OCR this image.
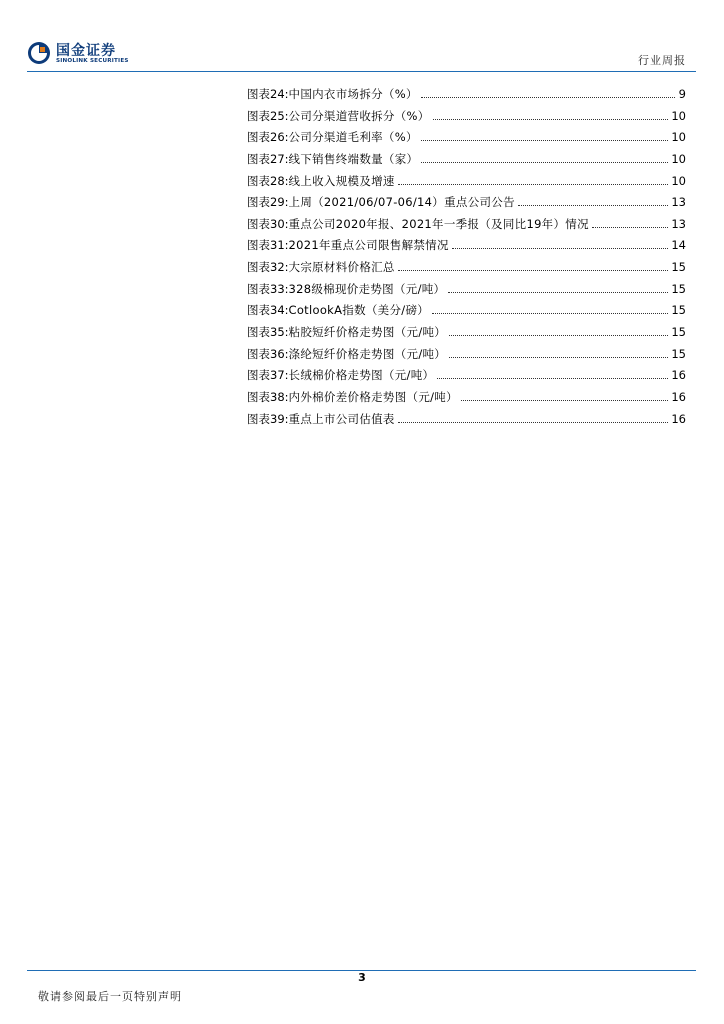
国金证券
SINOLINK SECURITIES	行业周报
图表24: 中国内衣市场拆分（%）	9
图表25: 公司分渠道营收拆分（%）	10
图表26: 公司分渠道毛利率（%）	10
图表27: 线下销售终端数量（家）	10
图表28: 线上收入规模及增速	10
图表29: 上周（2021/06/07-06/14）重点公司公告	13
图表30: 重点公司2020年报、2021年一季报（及同比19年）情况	13
图表31: 2021年重点公司限售解禁情况	14
图表32: 大宗原材料价格汇总	15
图表33: 328级棉现价走势图（元/吨）	15
图表34: CotlookA指数（美分/磅）	15
图表35: 粘胶短纤价格走势图（元/吨）	15
图表36: 涤纶短纤价格走势图（元/吨）	15
图表37: 长绒棉价格走势图（元/吨）	16
图表38: 内外棉价差价格走势图（元/吨）	16
图表39: 重点上市公司估值表	16
3
敬请参阅最后一页特别声明
